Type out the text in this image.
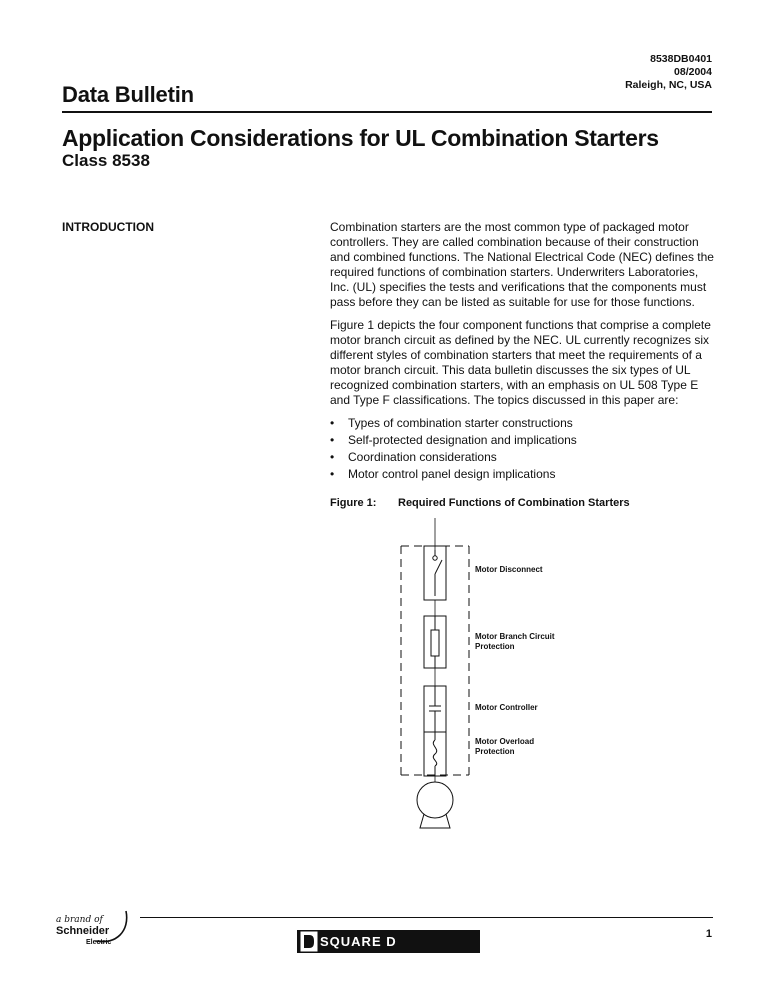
Data Bulletin
8538DB0401
08/2004
Raleigh, NC, USA
Application Considerations for UL Combination Starters
Class 8538
INTRODUCTION	Combination starters are the most common type of packaged motor controllers. They are called combination because of their construction and combined functions. The National Electrical Code (NEC) defines the required functions of combination starters. Underwriters Laboratories, Inc. (UL) specifies the tests and verifications that the components must pass before they can be listed as suitable for use for those functions.

Figure 1 depicts the four component functions that comprise a complete motor branch circuit as defined by the NEC. UL currently recognizes six different styles of combination starters that meet the requirements of a motor branch circuit. This data bulletin discusses the six types of UL recognized combination starters, with an emphasis on UL 508 Type E and Type F classifications. The topics discussed in this paper are:

• Types of combination starter constructions
• Self-protected designation and implications
• Coordination considerations
• Motor control panel design implications
Figure 1: Required Functions of Combination Starters
Motor Disconnect
Motor Branch Circuit Protection
Motor Controller
Motor Overload Protection
a brand of
Schneider
Electric	SQUARE D	1
